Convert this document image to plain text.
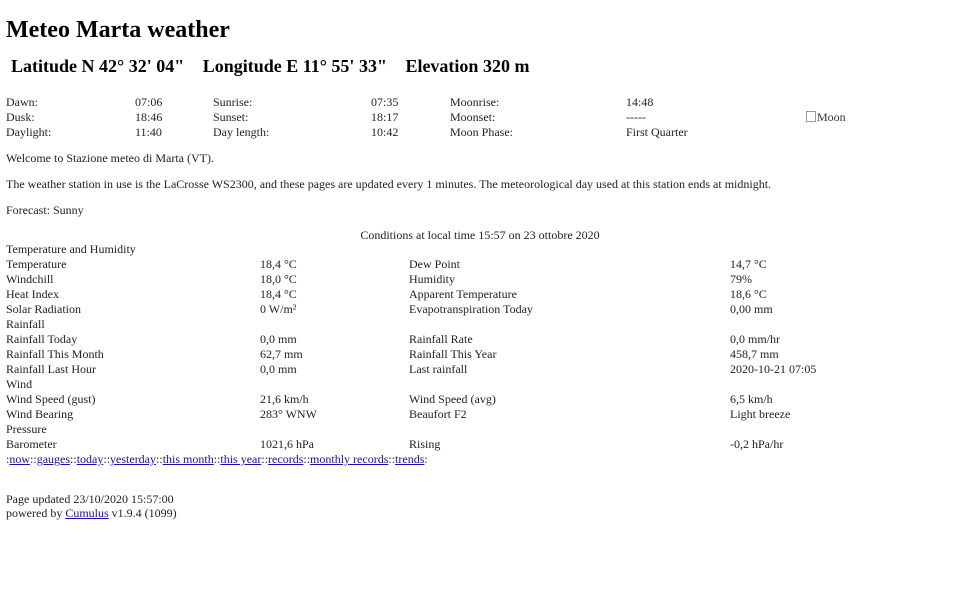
Meteo Marta weather
Latitude N 42° 32' 04" Longitude E 11° 55' 33" Elevation 320 m
Dawn:	07:06	Sunrise:	07:35	Moonrise:	14:48
Dusk:	18:46	Sunset:	18:17	Moonset:	-----
Daylight:	11:40	Day length:	10:42	Moon Phase:	First Quarter
Moon

Welcome to Stazione meteo di Marta (VT).

The weather station in use is the LaCrosse WS2300, and these pages are updated every 1 minutes. The meteorological day used at this station ends at midnight.

Forecast: Sunny

Conditions at local time 15:57 on 23 ottobre 2020
Temperature and Humidity			
Temperature	18,4 °C	Dew Point	14,7 °C
Windchill	18,0 °C	Humidity	79%
Heat Index	18,4 °C	Apparent Temperature	18,6 °C
Solar Radiation	0 W/m²	Evapotranspiration Today	0,00 mm
Rainfall			
Rainfall Today	0,0 mm	Rainfall Rate	0,0 mm/hr
Rainfall This Month	62,7 mm	Rainfall This Year	458,7 mm
Rainfall Last Hour	0,0 mm	Last rainfall	2020-10-21 07:05
Wind			
Wind Speed (gust)	21,6 km/h	Wind Speed (avg)	6,5 km/h
Wind Bearing	283° WNW	Beaufort F2	Light breeze
Pressure			
Barometer	1021,6 hPa	Rising	-0,2 hPa/hr
:now::gauges::today::yesterday::this month::this year::records::monthly records::trends:
Page updated 23/10/2020 15:57:00
powered by Cumulus v1.9.4 (1099)
